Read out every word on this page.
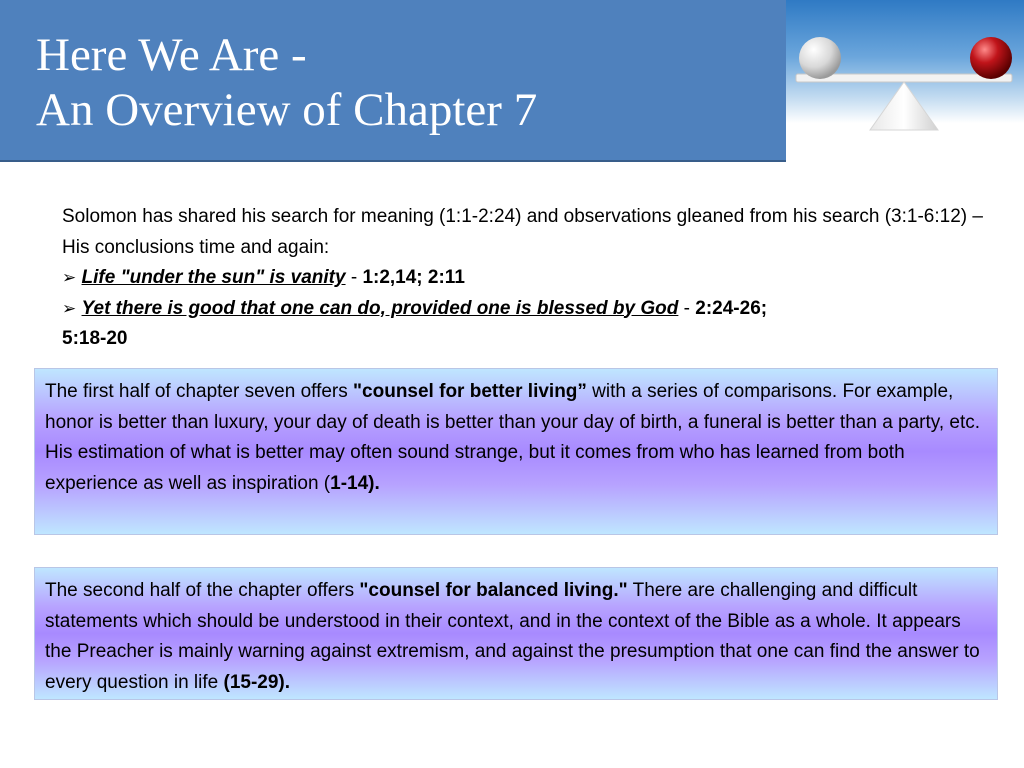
Here We Are -
An Overview of Chapter 7

Solomon has shared his search for meaning (1:1-2:24) and observations gleaned from his search (3:1-6:12) – His conclusions time and again:

➢ Life "under the sun" is vanity - 1:2,14; 2:11

➢ Yet there is good that one can do, provided one is blessed by God - 2:24-26;

5:18-20

The first half of chapter seven offers "counsel for better living” with a series of comparisons. For example, honor is better than luxury, your day of death is better than your day of birth, a funeral is better than a party, etc. His estimation of what is better may often sound strange, but it comes from who has learned from both experience as well as inspiration (1-14).
The second half of the chapter offers "counsel for balanced living." There are challenging and difficult statements which should be understood in their context, and in the context of the Bible as a whole. It appears the Preacher is mainly warning against extremism, and against the presumption that one can find the answer to every question in life (15-29).
